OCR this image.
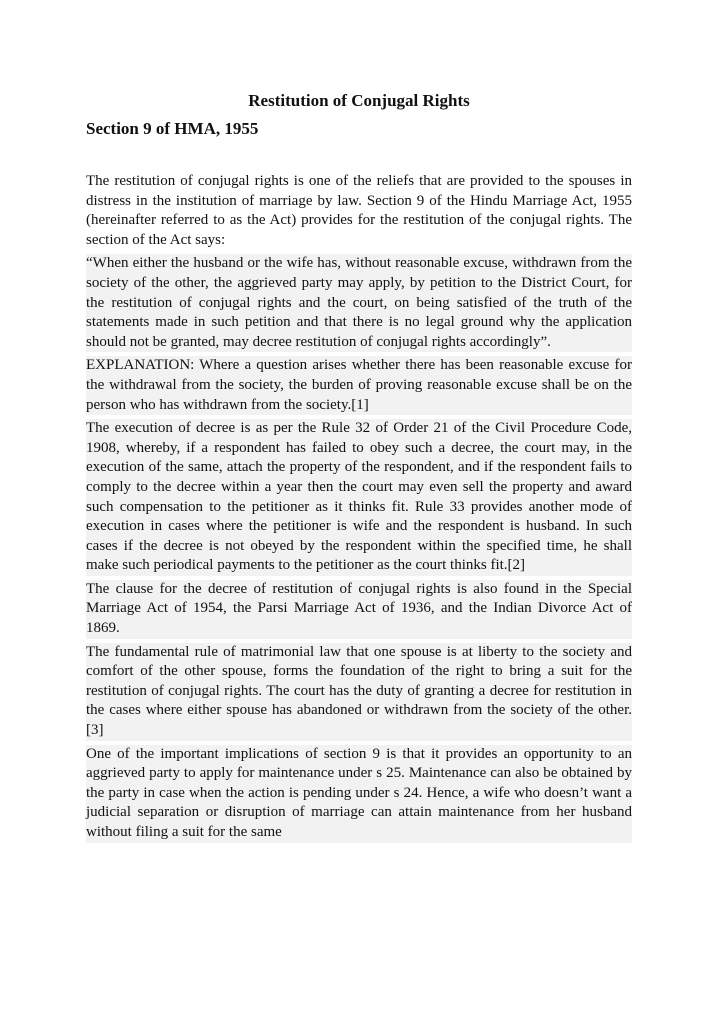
Restitution of Conjugal Rights
Section 9 of HMA, 1955

The restitution of conjugal rights is one of the reliefs that are provided to the spouses in distress in the institution of marriage by law. Section 9 of the Hindu Marriage Act, 1955 (hereinafter referred to as the Act) provides for the restitution of the conjugal rights. The section of the Act says:

“When either the husband or the wife has, without reasonable excuse, withdrawn from the society of the other, the aggrieved party may apply, by petition to the District Court, for the restitution of conjugal rights and the court, on being satisfied of the truth of the statements made in such petition and that there is no legal ground why the application should not be granted, may decree restitution of conjugal rights accordingly”.

EXPLANATION: Where a question arises whether there has been reasonable excuse for the withdrawal from the society, the burden of proving reasonable excuse shall be on the person who has withdrawn from the society.[1]

The execution of decree is as per the Rule 32 of Order 21 of the Civil Procedure Code, 1908, whereby, if a respondent has failed to obey such a decree, the court may, in the execution of the same, attach the property of the respondent, and if the respondent fails to comply to the decree within a year then the court may even sell the property and award such compensation to the petitioner as it thinks fit. Rule 33 provides another mode of execution in cases where the petitioner is wife and the respondent is husband. In such cases if the decree is not obeyed by the respondent within the specified time, he shall make such periodical payments to the petitioner as the court thinks fit.[2]

The clause for the decree of restitution of conjugal rights is also found in the Special Marriage Act of 1954, the Parsi Marriage Act of 1936, and the Indian Divorce Act of 1869.

The fundamental rule of matrimonial law that one spouse is at liberty to the society and comfort of the other spouse, forms the foundation of the right to bring a suit for the restitution of conjugal rights. The court has the duty of granting a decree for restitution in the cases where either spouse has abandoned or withdrawn from the society of the other.[3]

One of the important implications of section 9 is that it provides an opportunity to an aggrieved party to apply for maintenance under s 25. Maintenance can also be obtained by the party in case when the action is pending under s 24. Hence, a wife who doesn’t want a judicial separation or disruption of marriage can attain maintenance from her husband without filing a suit for the same
